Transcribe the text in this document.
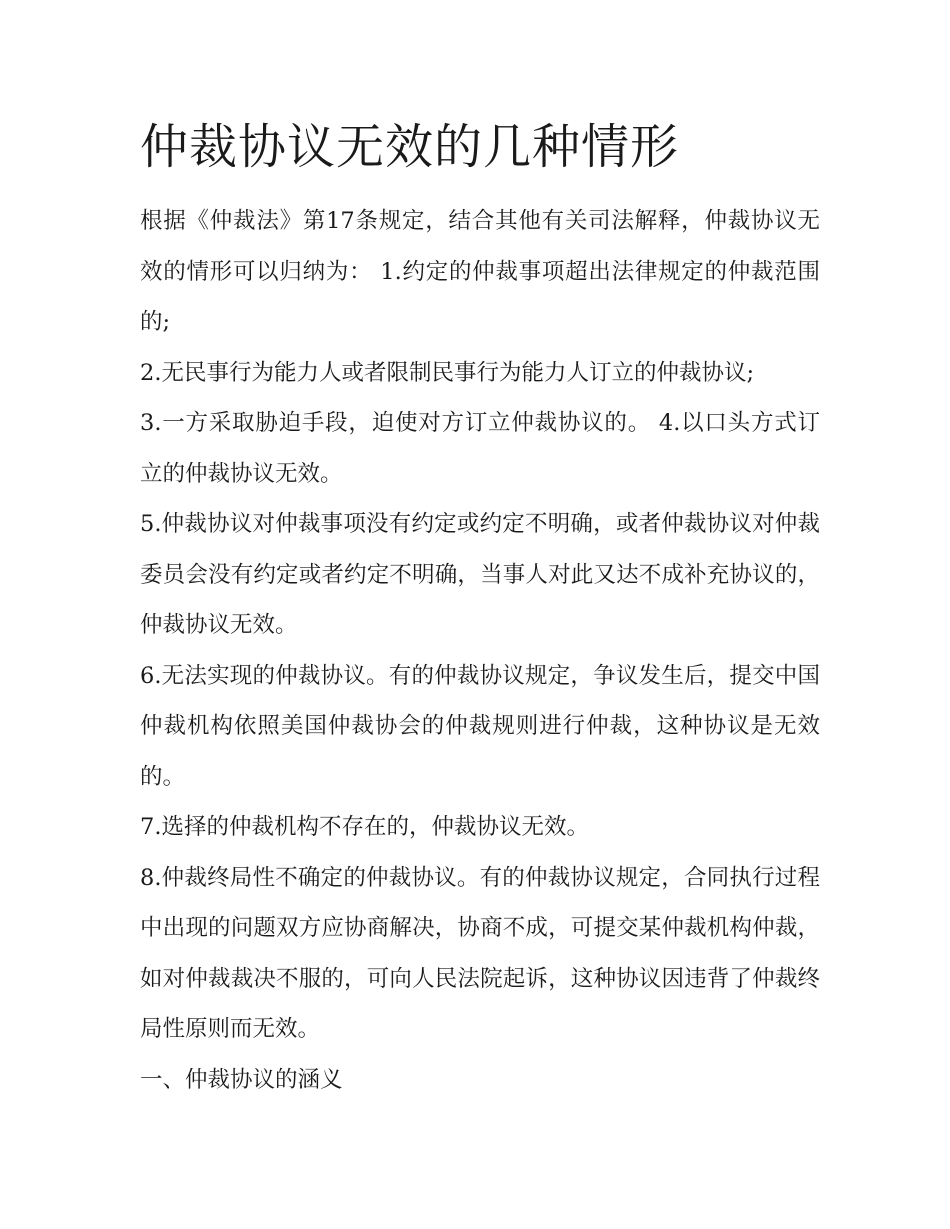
仲裁协议无效的几种情形

根据《仲裁法》第17条规定，结合其他有关司法解释，仲裁协议无效的情形可以归纳为： 1.约定的仲裁事项超出法律规定的仲裁范围的;

2.无民事行为能力人或者限制民事行为能力人订立的仲裁协议;

3.一方采取胁迫手段，迫使对方订立仲裁协议的。 4.以口头方式订立的仲裁协议无效。

5.仲裁协议对仲裁事项没有约定或约定不明确，或者仲裁协议对仲裁委员会没有约定或者约定不明确，当事人对此又达不成补充协议的，仲裁协议无效。

6.无法实现的仲裁协议。有的仲裁协议规定，争议发生后，提交中国仲裁机构依照美国仲裁协会的仲裁规则进行仲裁，这种协议是无效的。

7.选择的仲裁机构不存在的，仲裁协议无效。

8.仲裁终局性不确定的仲裁协议。有的仲裁协议规定，合同执行过程中出现的问题双方应协商解决，协商不成，可提交某仲裁机构仲裁，如对仲裁裁决不服的，可向人民法院起诉，这种协议因违背了仲裁终局性原则而无效。

一、仲裁协议的涵义
